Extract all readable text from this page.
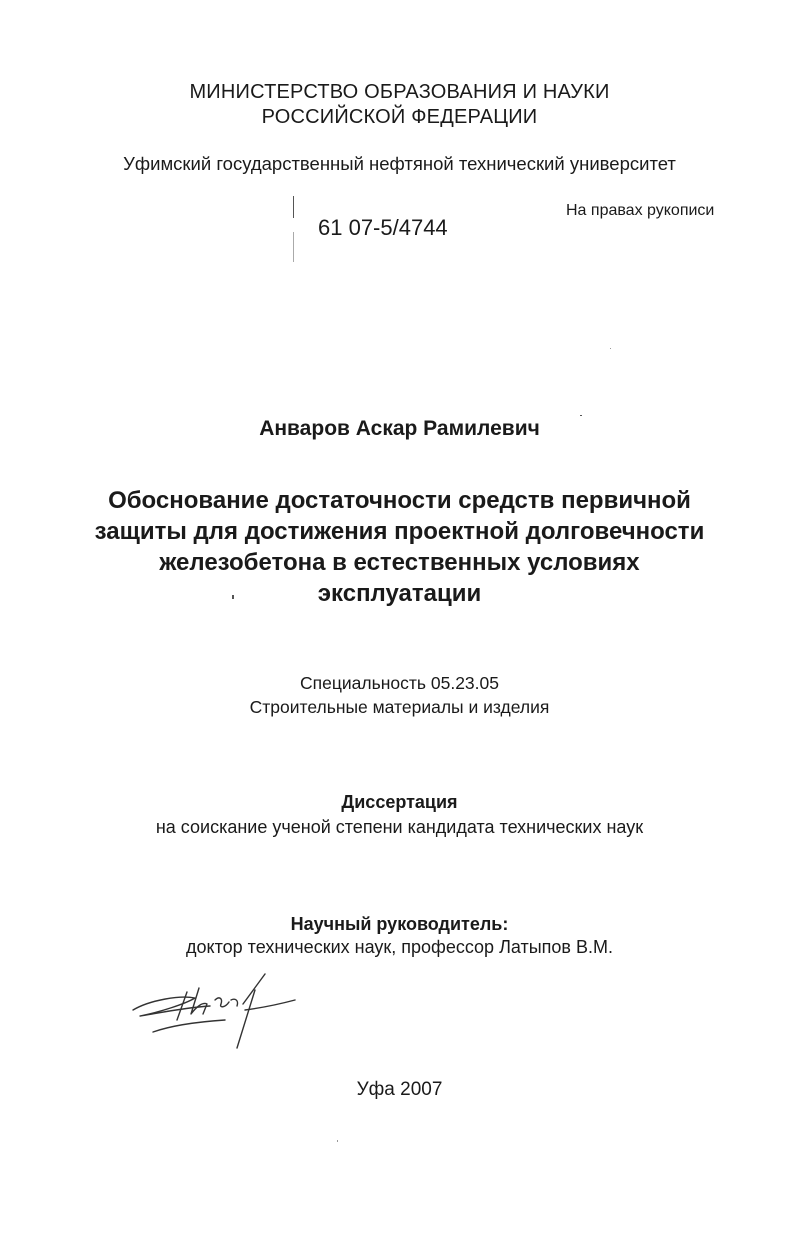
МИНИСТЕРСТВО ОБРАЗОВАНИЯ И НАУКИ
РОССИЙСКОЙ ФЕДЕРАЦИИ
Уфимский государственный нефтяной технический университет
61 07-5/4744
На правах рукописи
Анваров Аскар Рамилевич
Обоснование достаточности средств первичной
защиты для достижения проектной долговечности
железобетона в естественных условиях
эксплуатации
Специальность 05.23.05
Строительные материалы и изделия
Диссертация
на соискание ученой степени кандидата технических наук
Научный руководитель:
доктор технических наук, профессор Латыпов В.М.
Уфа 2007
